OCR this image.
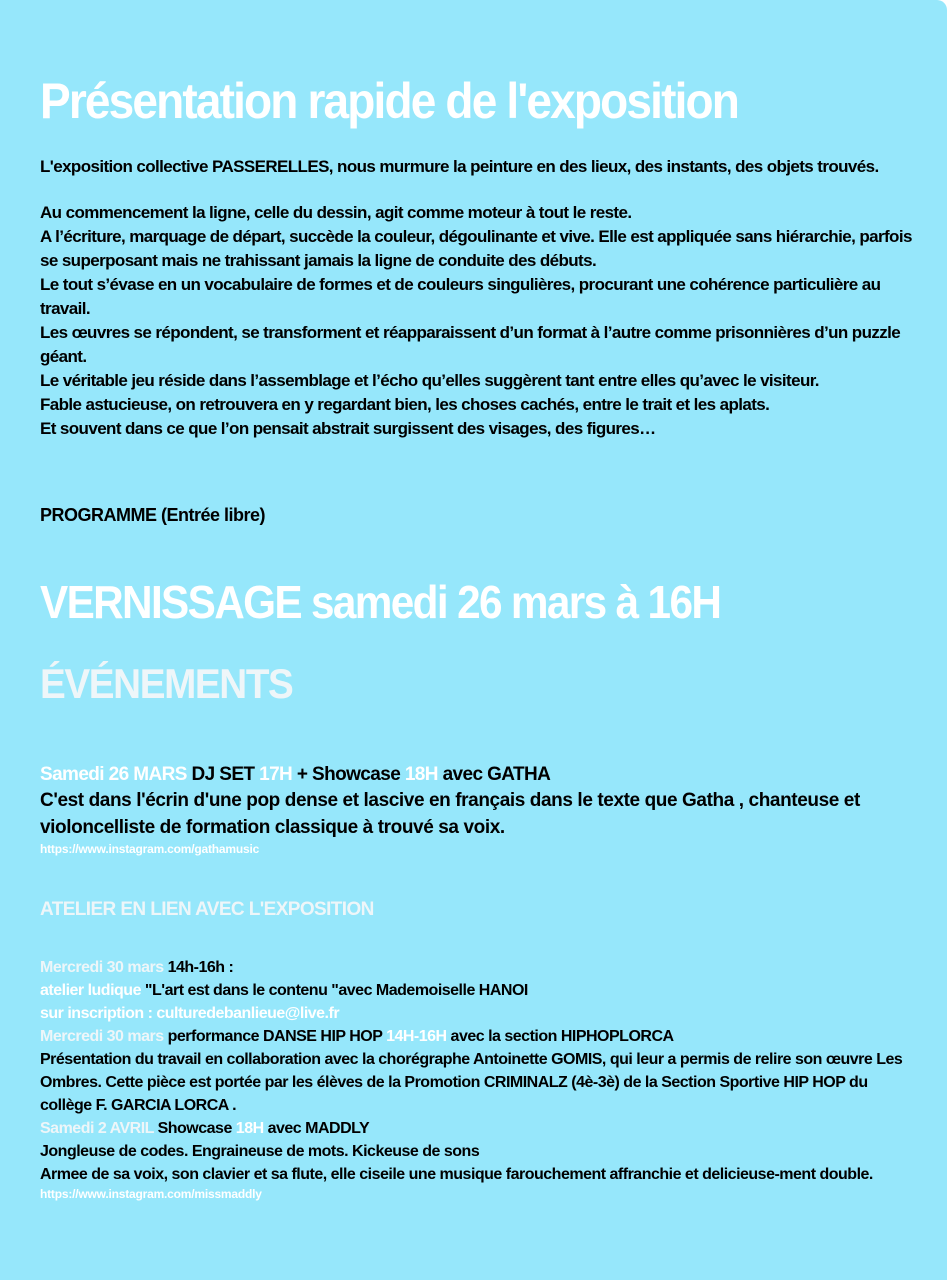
Présentation rapide de l'exposition

L'exposition collective PASSERELLES, nous murmure la peinture en des lieux, des instants, des objets trouvés.

Au commencement la ligne, celle du dessin, agit comme moteur à tout le reste.

A l’écriture, marquage de départ, succède la couleur, dégoulinante et vive. Elle est appliquée sans hiérarchie, parfois se superposant mais ne trahissant jamais la ligne de conduite des débuts.

Le tout s’évase en un vocabulaire de formes et de couleurs singulières, procurant une cohérence particulière au travail.

Les œuvres se répondent, se transforment et réapparaissent d’un format à l’autre comme prisonnières d’un puzzle géant.

Le véritable jeu réside dans l’assemblage et l’écho qu’elles suggèrent tant entre elles qu’avec le visiteur.

Fable astucieuse, on retrouvera en y regardant bien, les choses cachés, entre le trait et les aplats.

Et souvent dans ce que l’on pensait abstrait surgissent des visages, des figures…

PROGRAMME (Entrée libre)
VERNISSAGE samedi 26 mars à 16H
ÉVÉNEMENTS
Samedi 26 MARS DJ SET 17H + Showcase 18H avec GATHA
C'est dans l'écrin d'une pop dense et lascive en français dans le texte que Gatha , chanteuse et violoncelliste de formation classique à trouvé sa voix.
https://www.instagram.com/gathamusic
ATELIER EN LIEN AVEC L'EXPOSITION

Mercredi 30 mars 14h-16h :

atelier ludique "L'art est dans le contenu "avec Mademoiselle HANOI

sur inscription : culturedebanlieue@live.fr

Mercredi 30 mars performance DANSE HIP HOP 14H-16H avec la section HIPHOPLORCA

Présentation du travail en collaboration avec la chorégraphe Antoinette GOMIS, qui leur a permis de relire son œuvre Les Ombres. Cette pièce est portée par les élèves de la Promotion CRIMINALZ (4è-3è) de la Section Sportive HIP HOP du collège F. GARCIA LORCA .

Samedi 2 AVRIL Showcase 18H avec MADDLY

Jongleuse de codes. Engraineuse de mots. Kickeuse de sons

Armee de sa voix, son clavier et sa flute, elle ciseile une musique farouchement affranchie et delicieuse-ment double.

https://www.instagram.com/missmaddly
